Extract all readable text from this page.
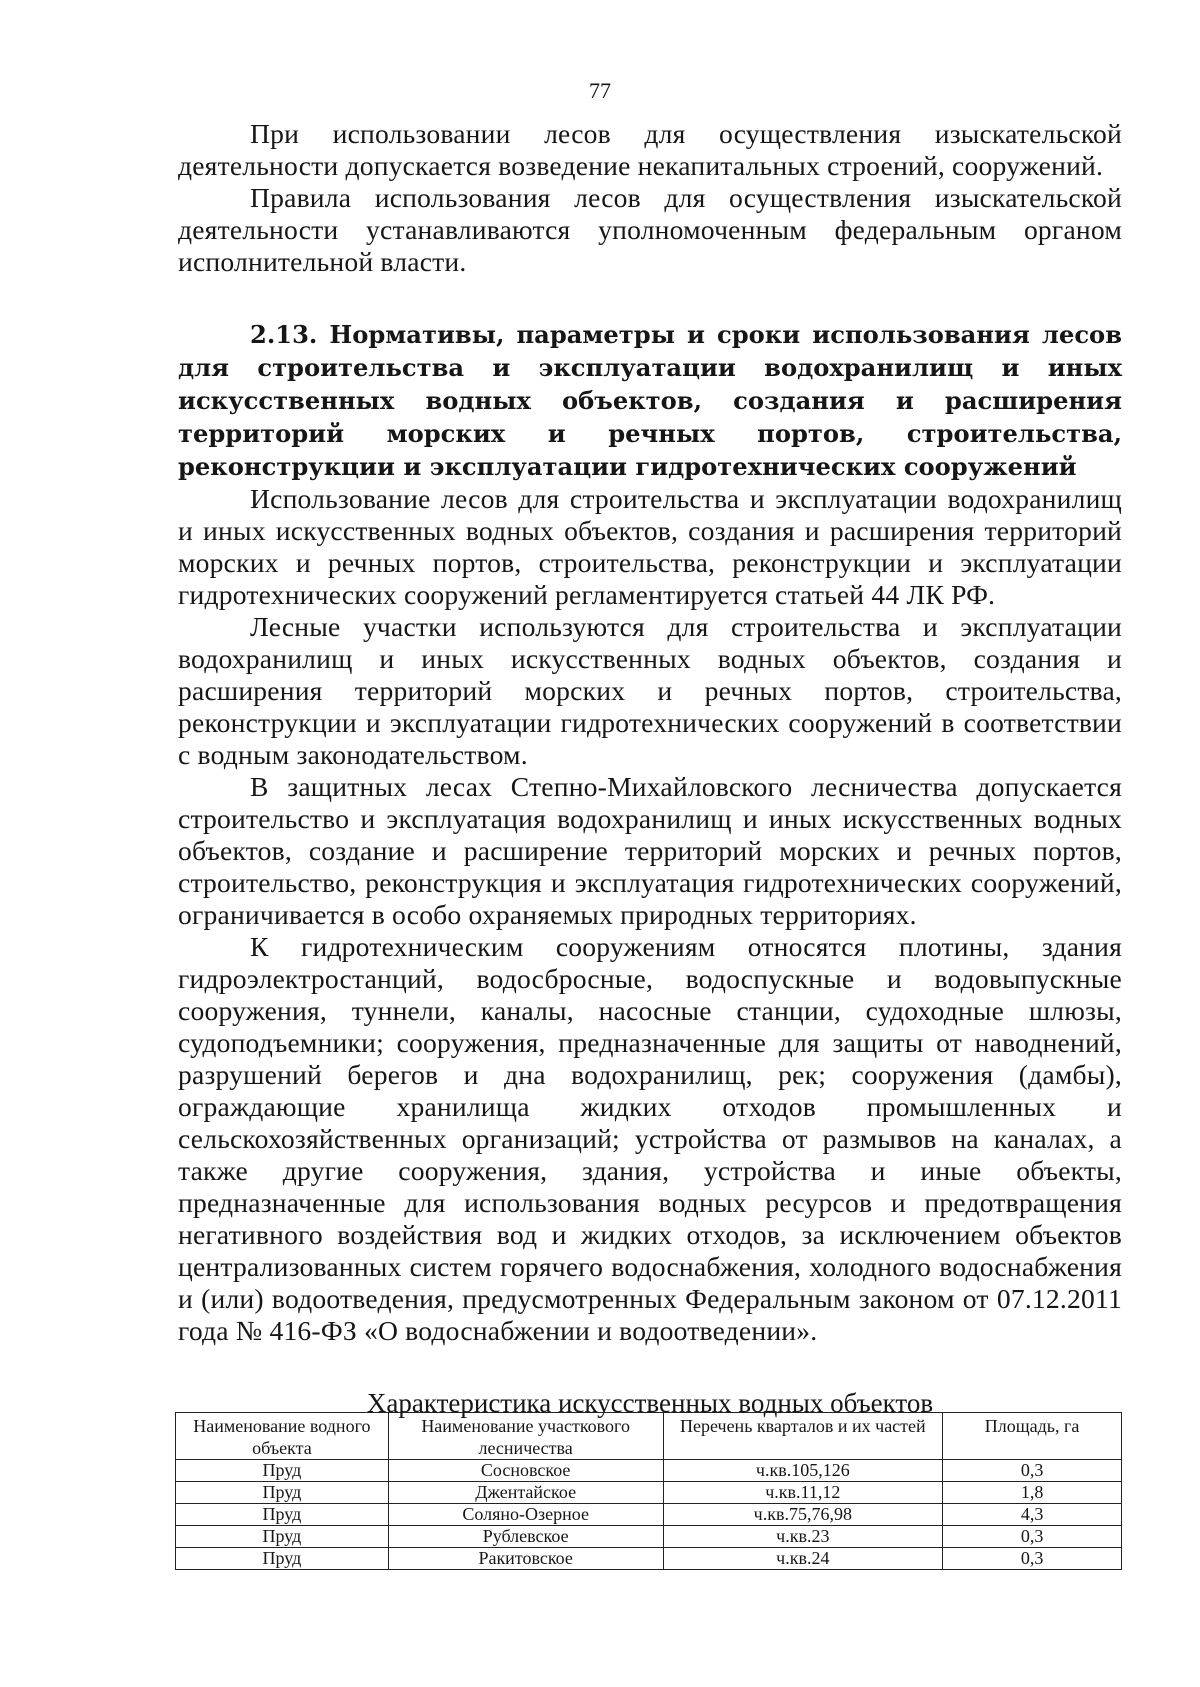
77

При использовании лесов для осуществления изыскательской деятельности допускается возведение некапитальных строений, сооружений.

Правила использования лесов для осуществления изыскательской деятельности устанавливаются уполномоченным федеральным органом исполнительной власти.

2.13. Нормативы, параметры и сроки использования лесов для строительства и эксплуатации водохранилищ и иных искусственных водных объектов, создания и расширения территорий морских и речных портов, строительства, реконструкции и эксплуатации гидротехнических сооружений

Использование лесов для строительства и эксплуатации водохранилищ и иных искусственных водных объектов, создания и расширения территорий морских и речных портов, строительства, реконструкции и эксплуатации гидротехнических сооружений регламентируется статьей 44 ЛК РФ.

Лесные участки используются для строительства и эксплуатации водохранилищ и иных искусственных водных объектов, создания и расширения территорий морских и речных портов, строительства, реконструкции и эксплуатации гидротехнических сооружений в соответствии с водным законодательством.

В защитных лесах Степно-Михайловского лесничества допускается строительство и эксплуатация водохранилищ и иных искусственных водных объектов, создание и расширение территорий морских и речных портов, строительство, реконструкция и эксплуатация гидротехнических сооружений, ограничивается в особо охраняемых природных территориях.

К гидротехническим сооружениям относятся плотины, здания гидроэлектростанций, водосбросные, водоспускные и водовыпускные сооружения, туннели, каналы, насосные станции, судоходные шлюзы, судоподъемники; сооружения, предназначенные для защиты от наводнений, разрушений берегов и дна водохранилищ, рек; сооружения (дамбы), ограждающие хранилища жидких отходов промышленных и сельскохозяйственных организаций; устройства от размывов на каналах, а также другие сооружения, здания, устройства и иные объекты, предназначенные для использования водных ресурсов и предотвращения негативного воздействия вод и жидких отходов, за исключением объектов централизованных систем горячего водоснабжения, холодного водоснабжения и (или) водоотведения, предусмотренных Федеральным законом от 07.12.2011 года № 416-ФЗ «О водоснабжении и водоотведении».

Характеристика искусственных водных объектов
Наименование водного объекта	Наименование участкового лесничества	Перечень кварталов и их частей	Площадь, га
Пруд	Сосновское	ч.кв.105,126	0,3
Пруд	Джентайское	ч.кв.11,12	1,8
Пруд	Соляно-Озерное	ч.кв.75,76,98	4,3
Пруд	Рублевское	ч.кв.23	0,3
Пруд	Ракитовское	ч.кв.24	0,3
